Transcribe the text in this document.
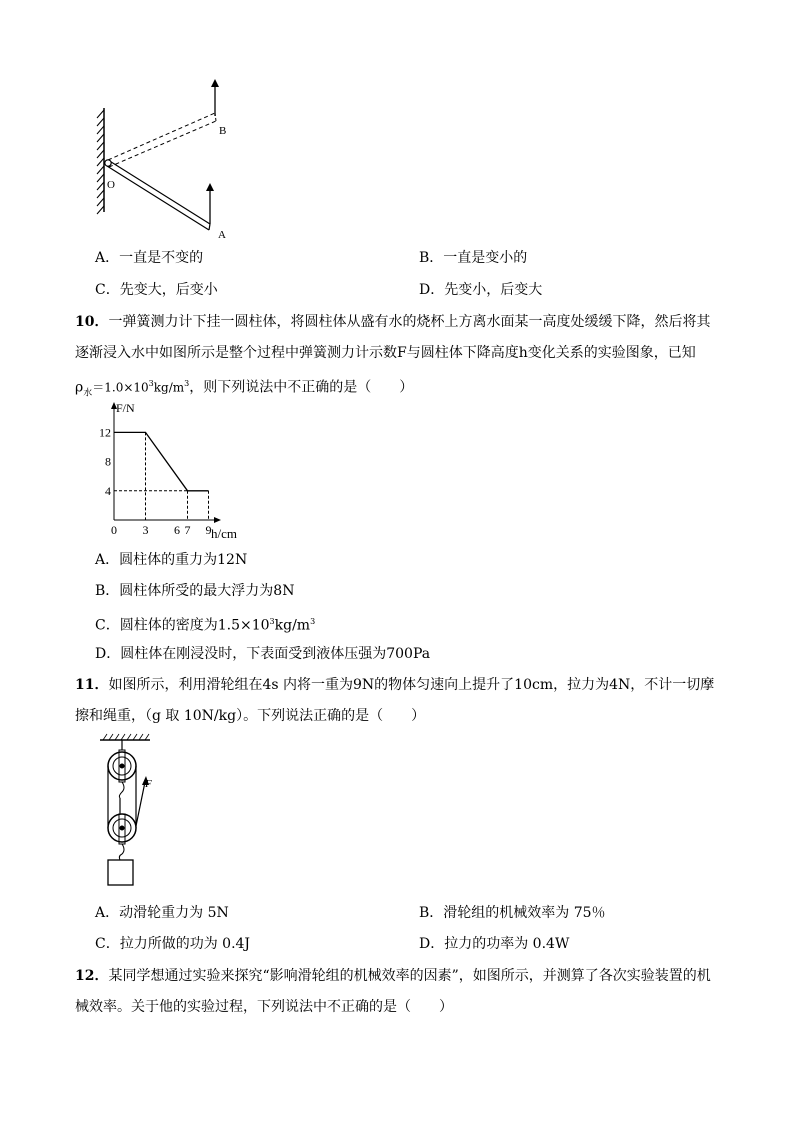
B
O
A
A．一直是不变的	B．一直是变小的
C．先变大，后变小	D．先变小，后变大
10．一弹簧测力计下挂一圆柱体，将圆柱体从盛有水的烧杯上方离水面某一高度处缓缓下降，然后将其
逐渐浸入水中如图所示是整个过程中弹簧测力计示数F与圆柱体下降高度h变化关系的实验图象，已知
$\rho_水=1.0\times 10^3kg/m^3$，则下列说法中不正确的是（　　）
F/N
h/cm
0 3 6 7 9
12
8
4
A．圆柱体的重力为12N
B．圆柱体所受的最大浮力为8N
C．圆柱体的密度为$1.5\times 10^3kg/m^3$
D．圆柱体在刚浸没时，下表面受到液体压强为700Pa
11．如图所示，利用滑轮组在4s 内将一重为9N的物体匀速向上提升了10cm，拉力为4N，不计一切摩
擦和绳重，（g 取 10N/kg）。下列说法正确的是（　　）
F
A．动滑轮重力为 5N	B．滑轮组的机械效率为 75％
C．拉力所做的功为 0.4J	D．拉力的功率为 0.4W
12．某同学想通过实验来探究“影响滑轮组的机械效率的因素”，如图所示，并测算了各次实验装置的机
械效率。关于他的实验过程，下列说法中不正确的是（　　）
